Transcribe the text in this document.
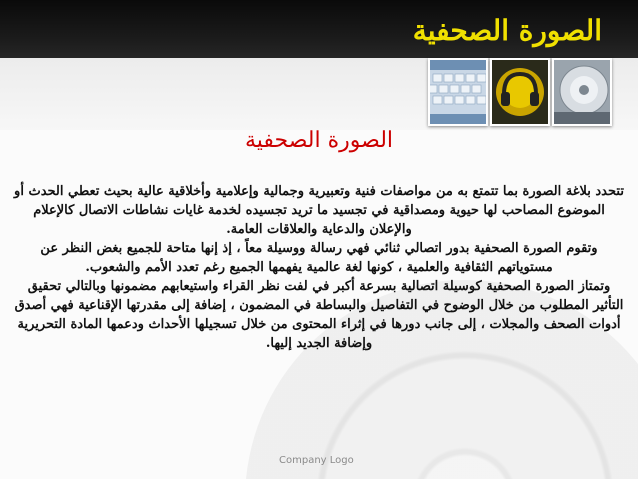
الصورة الصحفية
الصورة الصحفية
تتحدد بلاغة الصورة بما تتمتع به من مواصفات فنية وتعبيرية وجمالية وإعلامية وأخلاقية عالية بحيث تعطي الحدث أو الموضوع المصاحب لها حيوية ومصداقية في تجسيد ما تريد تجسيده لخدمة غايات نشاطات الاتصال كالإعلام والإعلان والدعاية والعلاقات العامة.
وتقوم الصورة الصحفية بدور اتصالي ثنائي فهي رسالة ووسيلة معاً ، إذ إنها متاحة للجميع بغض النظر عن مستوياتهم الثقافية والعلمية ، كونها لغة عالمية يفهمها الجميع رغم تعدد الأمم والشعوب.
وتمتاز الصورة الصحفية كوسيلة اتصالية بسرعة أكبر في لفت نظر القراء واستيعابهم مضمونها وبالتالي تحقيق التأثير المطلوب من خلال الوضوح في التفاصيل والبساطة في المضمون ، إضافة إلى مقدرتها الإقناعية فهي أصدق أدوات الصحف والمجلات ، إلى جانب دورها في إثراء المحتوى من خلال تسجيلها الأحداث ودعمها المادة التحريرية وإضافة الجديد إليها.
Company Logo
